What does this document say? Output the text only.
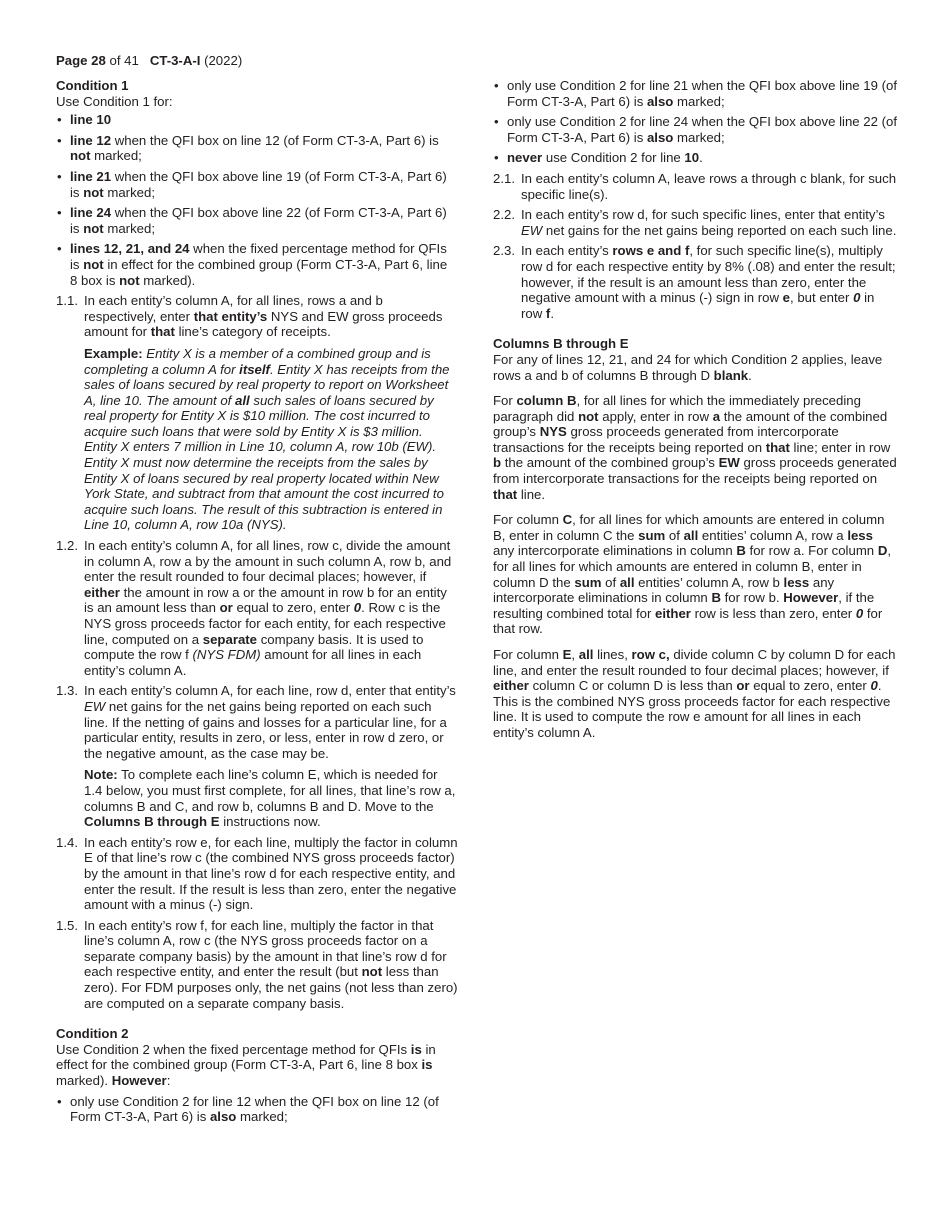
Page 28 of 41 CT-3-A-I (2022)

Condition 1

Use Condition 1 for:

• line 10
• line 12 when the QFI box on line 12 (of Form CT-3-A, Part 6) is not marked;
• line 21 when the QFI box above line 19 (of Form CT-3-A, Part 6) is not marked;
• line 24 when the QFI box above line 22 (of Form CT-3-A, Part 6) is not marked;
• lines 12, 21, and 24 when the fixed percentage method for QFIs is not in effect for the combined group (Form CT-3-A, Part 6, line 8 box is not marked).
1.1. In each entity’s column A, for all lines, rows a and b respectively, enter that entity’s NYS and EW gross proceeds amount for that line’s category of receipts.
Example: Entity X is a member of a combined group and is completing a column A for itself. Entity X has receipts from the sales of loans secured by real property to report on Worksheet A, line 10. The amount of all such sales of loans secured by real property for Entity X is $10 million. The cost incurred to acquire such loans that were sold by Entity X is $3 million. Entity X enters 7 million in Line 10, column A, row 10b (EW). Entity X must now determine the receipts from the sales by Entity X of loans secured by real property located within New York State, and subtract from that amount the cost incurred to acquire such loans. The result of this subtraction is entered in Line 10, column A, row 10a (NYS).
1.2. In each entity’s column A, for all lines, row c, divide the amount in column A, row a by the amount in such column A, row b, and enter the result rounded to four decimal places; however, if either the amount in row a or the amount in row b for an entity is an amount less than or equal to zero, enter 0. Row c is the NYS gross proceeds factor for each entity, for each respective line, computed on a separate company basis. It is used to compute the row f (NYS FDM) amount for all lines in each entity’s column A.
1.3. In each entity’s column A, for each line, row d, enter that entity’s EW net gains for the net gains being reported on each such line. If the netting of gains and losses for a particular line, for a particular entity, results in zero, or less, enter in row d zero, or the negative amount, as the case may be.
Note: To complete each line’s column E, which is needed for 1.4 below, you must first complete, for all lines, that line’s row a, columns B and C, and row b, columns B and D. Move to the Columns B through E instructions now.
1.4. In each entity’s row e, for each line, multiply the factor in column E of that line’s row c (the combined NYS gross proceeds factor) by the amount in that line’s row d for each respective entity, and enter the result. If the result is less than zero, enter the negative amount with a minus (-) sign.
1.5. In each entity’s row f, for each line, multiply the factor in that line’s column A, row c (the NYS gross proceeds factor on a separate company basis) by the amount in that line’s row d for each respective entity, and enter the result (but not less than zero). For FDM purposes only, the net gains (not less than zero) are computed on a separate company basis.

Condition 2

Use Condition 2 when the fixed percentage method for QFIs is in effect for the combined group (Form CT-3-A, Part 6, line 8 box is marked). However:

• only use Condition 2 for line 12 when the QFI box on line 12 (of Form CT-3-A, Part 6) is also marked;
• only use Condition 2 for line 21 when the QFI box above line 19 (of Form CT-3-A, Part 6) is also marked;
• only use Condition 2 for line 24 when the QFI box above line 22 (of Form CT-3-A, Part 6) is also marked;
• never use Condition 2 for line 10.
2.1. In each entity’s column A, leave rows a through c blank, for such specific line(s).
2.2. In each entity’s row d, for such specific lines, enter that entity’s EW net gains for the net gains being reported on each such line.
2.3. In each entity’s rows e and f, for such specific line(s), multiply row d for each respective entity by 8% (.08) and enter the result; however, if the result is an amount less than zero, enter the negative amount with a minus (-) sign in row e, but enter 0 in row f.

Columns B through E

For any of lines 12, 21, and 24 for which Condition 2 applies, leave rows a and b of columns B through D blank.

For column B, for all lines for which the immediately preceding paragraph did not apply, enter in row a the amount of the combined group’s NYS gross proceeds generated from intercorporate transactions for the receipts being reported on that line; enter in row b the amount of the combined group’s EW gross proceeds generated from intercorporate transactions for the receipts being reported on that line.

For column C, for all lines for which amounts are entered in column B, enter in column C the sum of all entities’ column A, row a less any intercorporate eliminations in column B for row a. For column D, for all lines for which amounts are entered in column B, enter in column D the sum of all entities’ column A, row b less any intercorporate eliminations in column B for row b. However, if the resulting combined total for either row is less than zero, enter 0 for that row.

For column E, all lines, row c, divide column C by column D for each line, and enter the result rounded to four decimal places; however, if either column C or column D is less than or equal to zero, enter 0. This is the combined NYS gross proceeds factor for each respective line. It is used to compute the row e amount for all lines in each entity’s column A.
